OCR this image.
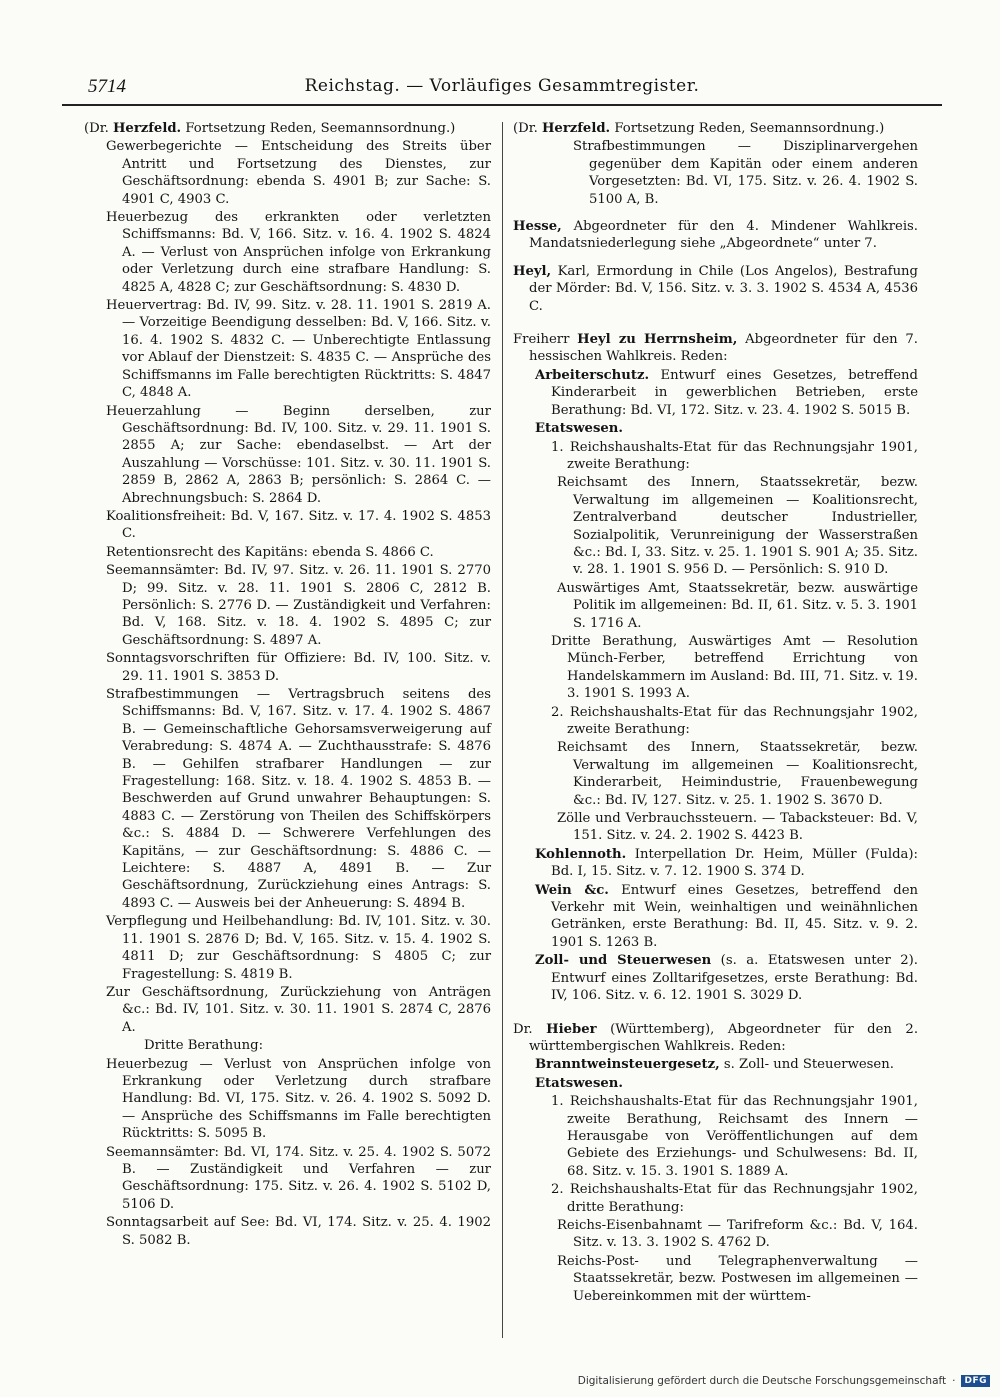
5714	Reichstag. — Vorläufiges Gesammtregister.

(Dr. Herzfeld. Fortsetzung Reden, Seemannsordnung.)

Gewerbegerichte — Entscheidung des Streits über Antritt und Fortsetzung des Dienstes, zur Geschäftsordnung: ebenda S. 4901 B; zur Sache: S. 4901 C, 4903 C.

Heuerbezug des erkrankten oder verletzten Schiffsmanns: Bd. V, 166. Sitz. v. 16. 4. 1902 S. 4824 A. — Verlust von Ansprüchen infolge von Erkrankung oder Verletzung durch eine strafbare Handlung: S. 4825 A, 4828 C; zur Geschäftsordnung: S. 4830 D.

Heuervertrag: Bd. IV, 99. Sitz. v. 28. 11. 1901 S. 2819 A. — Vorzeitige Beendigung desselben: Bd. V, 166. Sitz. v. 16. 4. 1902 S. 4832 C. — Unberechtigte Entlassung vor Ablauf der Dienstzeit: S. 4835 C. — Ansprüche des Schiffsmanns im Falle berechtigten Rücktritts: S. 4847 C, 4848 A.

Heuerzahlung — Beginn derselben, zur Geschäftsordnung: Bd. IV, 100. Sitz. v. 29. 11. 1901 S. 2855 A; zur Sache: ebendaselbst. — Art der Auszahlung — Vorschüsse: 101. Sitz. v. 30. 11. 1901 S. 2859 B, 2862 A, 2863 B; persönlich: S. 2864 C. — Abrechnungsbuch: S. 2864 D.

Koalitionsfreiheit: Bd. V, 167. Sitz. v. 17. 4. 1902 S. 4853 C.

Retentionsrecht des Kapitäns: ebenda S. 4866 C.

Seemannsämter: Bd. IV, 97. Sitz. v. 26. 11. 1901 S. 2770 D; 99. Sitz. v. 28. 11. 1901 S. 2806 C, 2812 B. Persönlich: S. 2776 D. — Zuständigkeit und Verfahren: Bd. V, 168. Sitz. v. 18. 4. 1902 S. 4895 C; zur Geschäftsordnung: S. 4897 A.

Sonntagsvorschriften für Offiziere: Bd. IV, 100. Sitz. v. 29. 11. 1901 S. 3853 D.

Strafbestimmungen — Vertragsbruch seitens des Schiffsmanns: Bd. V, 167. Sitz. v. 17. 4. 1902 S. 4867 B. — Gemeinschaftliche Gehorsamsverweigerung auf Verabredung: S. 4874 A. — Zuchthausstrafe: S. 4876 B. — Gehilfen strafbarer Handlungen — zur Fragestellung: 168. Sitz. v. 18. 4. 1902 S. 4853 B. — Beschwerden auf Grund unwahrer Behauptungen: S. 4883 C. — Zerstörung von Theilen des Schiffskörpers &c.: S. 4884 D. — Schwerere Verfehlungen des Kapitäns, — zur Geschäftsordnung: S. 4886 C. — Leichtere: S. 4887 A, 4891 B. — Zur Geschäftsordnung, Zurückziehung eines Antrags: S. 4893 C. — Ausweis bei der Anheuerung: S. 4894 B.

Verpflegung und Heilbehandlung: Bd. IV, 101. Sitz. v. 30. 11. 1901 S. 2876 D; Bd. V, 165. Sitz. v. 15. 4. 1902 S. 4811 D; zur Geschäftsordnung: S 4805 C; zur Fragestellung: S. 4819 B.

Zur Geschäftsordnung, Zurückziehung von Anträgen &c.: Bd. IV, 101. Sitz. v. 30. 11. 1901 S. 2874 C, 2876 A.

Dritte Berathung:

Heuerbezug — Verlust von Ansprüchen infolge von Erkrankung oder Verletzung durch strafbare Handlung: Bd. VI, 175. Sitz. v. 26. 4. 1902 S. 5092 D. — Ansprüche des Schiffsmanns im Falle berechtigten Rücktritts: S. 5095 B.

Seemannsämter: Bd. VI, 174. Sitz. v. 25. 4. 1902 S. 5072 B. — Zuständigkeit und Verfahren — zur Geschäftsordnung: 175. Sitz. v. 26. 4. 1902 S. 5102 D, 5106 D.

Sonntagsarbeit auf See: Bd. VI, 174. Sitz. v. 25. 4. 1902 S. 5082 B.

(Dr. Herzfeld. Fortsetzung Reden, Seemannsordnung.)

Strafbestimmungen — Disziplinarvergehen gegenüber dem Kapitän oder einem anderen Vorgesetzten: Bd. VI, 175. Sitz. v. 26. 4. 1902 S. 5100 A, B.

Hesse, Abgeordneter für den 4. Mindener Wahlkreis. Mandatsniederlegung siehe „Abgeordnete“ unter 7.

Heyl, Karl, Ermordung in Chile (Los Angelos), Bestrafung der Mörder: Bd. V, 156. Sitz. v. 3. 3. 1902 S. 4534 A, 4536 C.

Freiherr Heyl zu Herrnsheim, Abgeordneter für den 7. hessischen Wahlkreis. Reden:

Arbeiterschutz. Entwurf eines Gesetzes, betreffend Kinderarbeit in gewerblichen Betrieben, erste Berathung: Bd. VI, 172. Sitz. v. 23. 4. 1902 S. 5015 B.

Etatswesen.

1. Reichshaushalts-Etat für das Rechnungsjahr 1901, zweite Berathung:

Reichsamt des Innern, Staatssekretär, bezw. Verwaltung im allgemeinen — Koalitionsrecht, Zentralverband deutscher Industrieller, Sozialpolitik, Verunreinigung der Wasserstraßen &c.: Bd. I, 33. Sitz. v. 25. 1. 1901 S. 901 A; 35. Sitz. v. 28. 1. 1901 S. 956 D. — Persönlich: S. 910 D.

Auswärtiges Amt, Staatssekretär, bezw. auswärtige Politik im allgemeinen: Bd. II, 61. Sitz. v. 5. 3. 1901 S. 1716 A.

Dritte Berathung, Auswärtiges Amt — Resolution Münch-Ferber, betreffend Errichtung von Handelskammern im Ausland: Bd. III, 71. Sitz. v. 19. 3. 1901 S. 1993 A.

2. Reichshaushalts-Etat für das Rechnungsjahr 1902, zweite Berathung:

Reichsamt des Innern, Staatssekretär, bezw. Verwaltung im allgemeinen — Koalitionsrecht, Kinderarbeit, Heimindustrie, Frauenbewegung &c.: Bd. IV, 127. Sitz. v. 25. 1. 1902 S. 3670 D.

Zölle und Verbrauchssteuern. — Tabacksteuer: Bd. V, 151. Sitz. v. 24. 2. 1902 S. 4423 B.

Kohlennoth. Interpellation Dr. Heim, Müller (Fulda): Bd. I, 15. Sitz. v. 7. 12. 1900 S. 374 D.

Wein &c. Entwurf eines Gesetzes, betreffend den Verkehr mit Wein, weinhaltigen und weinähnlichen Getränken, erste Berathung: Bd. II, 45. Sitz. v. 9. 2. 1901 S. 1263 B.

Zoll- und Steuerwesen (s. a. Etatswesen unter 2). Entwurf eines Zolltarifgesetzes, erste Berathung: Bd. IV, 106. Sitz. v. 6. 12. 1901 S. 3029 D.

Dr. Hieber (Württemberg), Abgeordneter für den 2. württembergischen Wahlkreis. Reden:

Branntweinsteuergesetz, s. Zoll- und Steuerwesen.

Etatswesen.

1. Reichshaushalts-Etat für das Rechnungsjahr 1901, zweite Berathung, Reichsamt des Innern — Herausgabe von Veröffentlichungen auf dem Gebiete des Erziehungs- und Schulwesens: Bd. II, 68. Sitz. v. 15. 3. 1901 S. 1889 A.

2. Reichshaushalts-Etat für das Rechnungsjahr 1902, dritte Berathung:

Reichs-Eisenbahnamt — Tarifreform &c.: Bd. V, 164. Sitz. v. 13. 3. 1902 S. 4762 D.

Reichs-Post- und Telegraphenverwaltung — Staatssekretär, bezw. Postwesen im allgemeinen — Uebereinkommen mit der württem-

Digitalisierung gefördert durch die Deutsche Forschungsgemeinschaft ·	DFG
